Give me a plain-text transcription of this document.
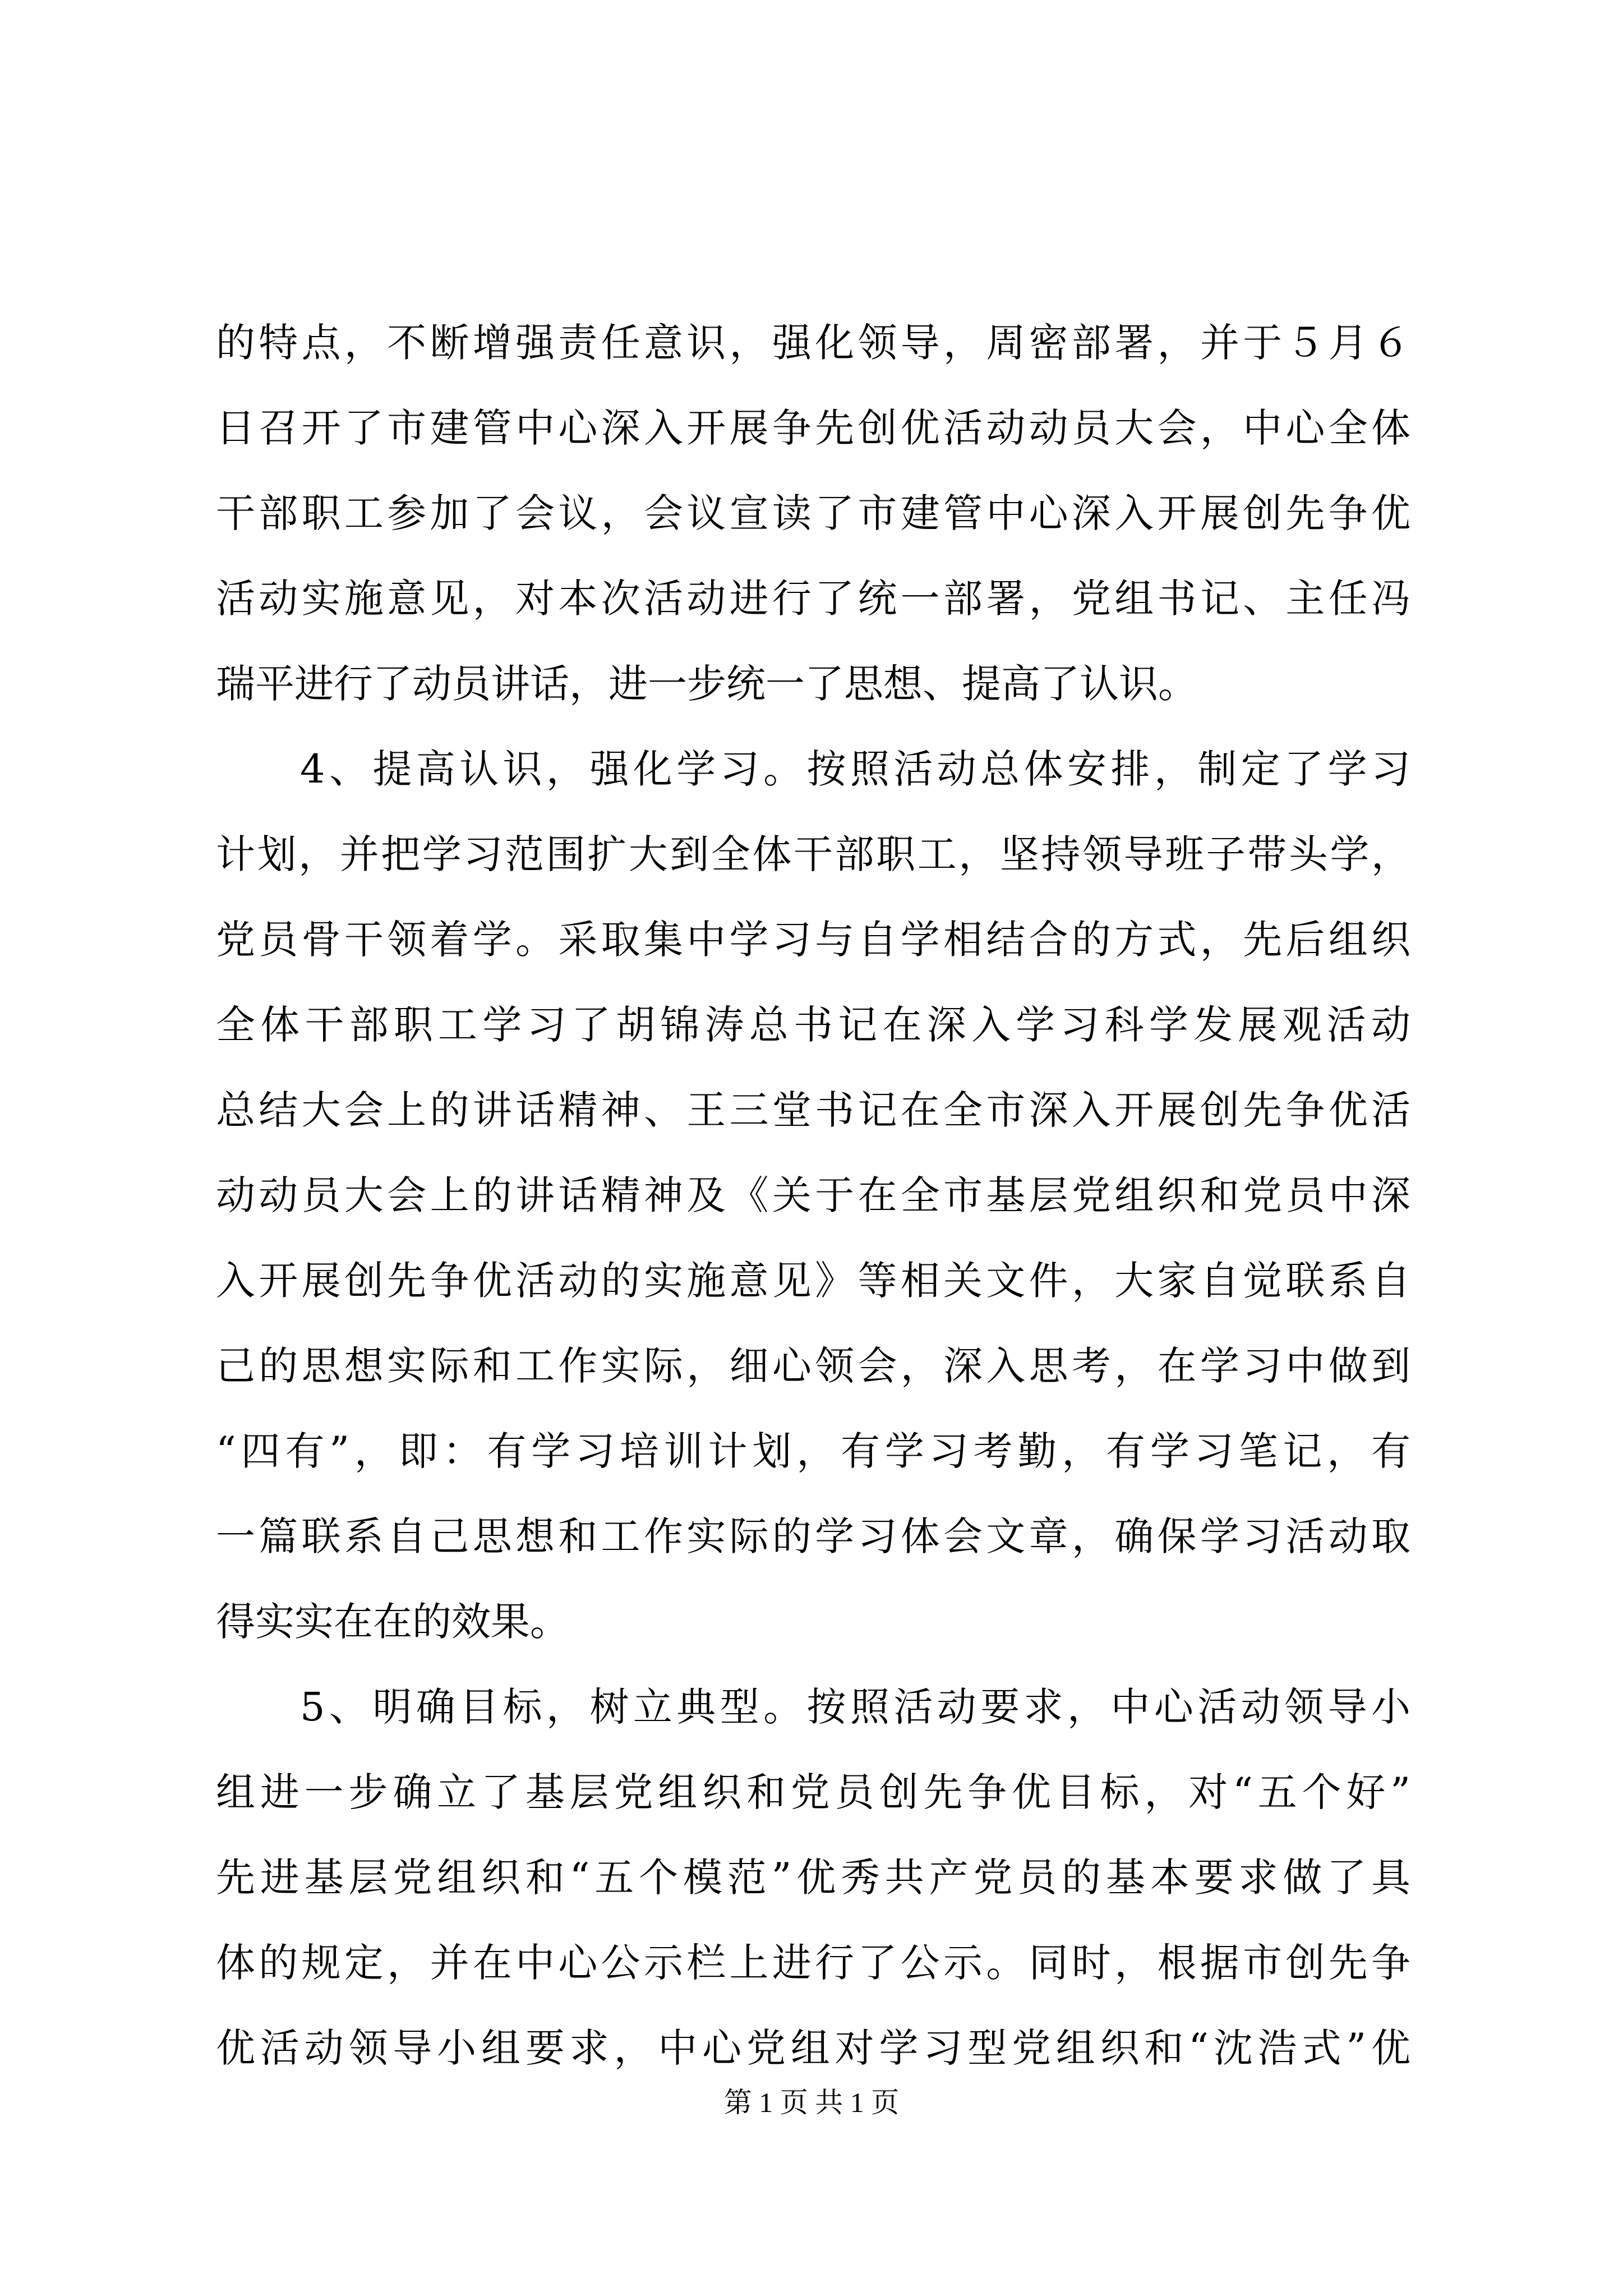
的特点，不断增强责任意识，强化领导，周密部署，并于５月６
日召开了市建管中心深入开展争先创优活动动员大会，中心全体
干部职工参加了会议，会议宣读了市建管中心深入开展创先争优
活动实施意见，对本次活动进行了统一部署，党组书记、主任冯
瑞平进行了动员讲话，进一步统一了思想、提高了认识。
4、提高认识，强化学习。按照活动总体安排，制定了学习
计划，并把学习范围扩大到全体干部职工，坚持领导班子带头学，
党员骨干领着学。采取集中学习与自学相结合的方式，先后组织
全体干部职工学习了胡锦涛总书记在深入学习科学发展观活动
总结大会上的讲话精神、王三堂书记在全市深入开展创先争优活
动动员大会上的讲话精神及《关于在全市基层党组织和党员中深
入开展创先争优活动的实施意见》等相关文件，大家自觉联系自
己的思想实际和工作实际，细心领会，深入思考，在学习中做到
“四有”，即：有学习培训计划，有学习考勤，有学习笔记，有
一篇联系自己思想和工作实际的学习体会文章，确保学习活动取
得实实在在的效果。
5、明确目标，树立典型。按照活动要求，中心活动领导小
组进一步确立了基层党组织和党员创先争优目标，对“五个好”
先进基层党组织和“五个模范”优秀共产党员的基本要求做了具
体的规定，并在中心公示栏上进行了公示。同时，根据市创先争
优活动领导小组要求，中心党组对学习型党组织和“沈浩式”优
第 1 页 共 1 页
